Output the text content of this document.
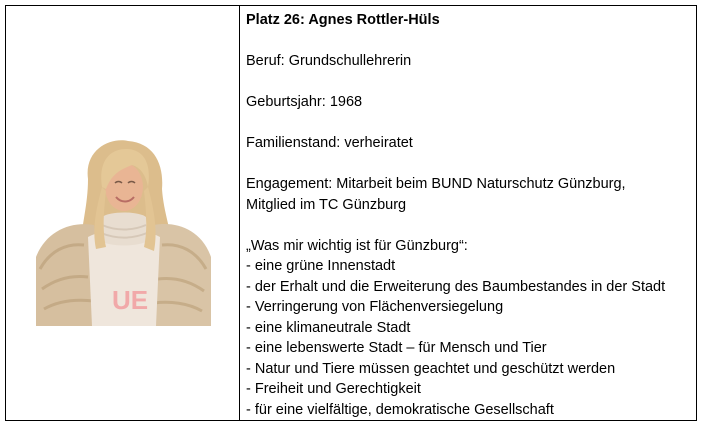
UE

Platz 26: Agnes Rottler-Hüls

Beruf: Grundschullehrerin

Geburtsjahr: 1968

Familienstand: verheiratet

Engagement: Mitarbeit beim BUND Naturschutz Günzburg,

Mitglied im TC Günzburg

„Was mir wichtig ist für Günzburg“:

- eine grüne Innenstadt
- der Erhalt und die Erweiterung des Baumbestandes in der Stadt
- Verringerung von Flächenversiegelung
- eine klimaneutrale Stadt
- eine lebenswerte Stadt – für Mensch und Tier
- Natur und Tiere müssen geachtet und geschützt werden
- Freiheit und Gerechtigkeit
- für eine vielfältige, demokratische Gesellschaft
